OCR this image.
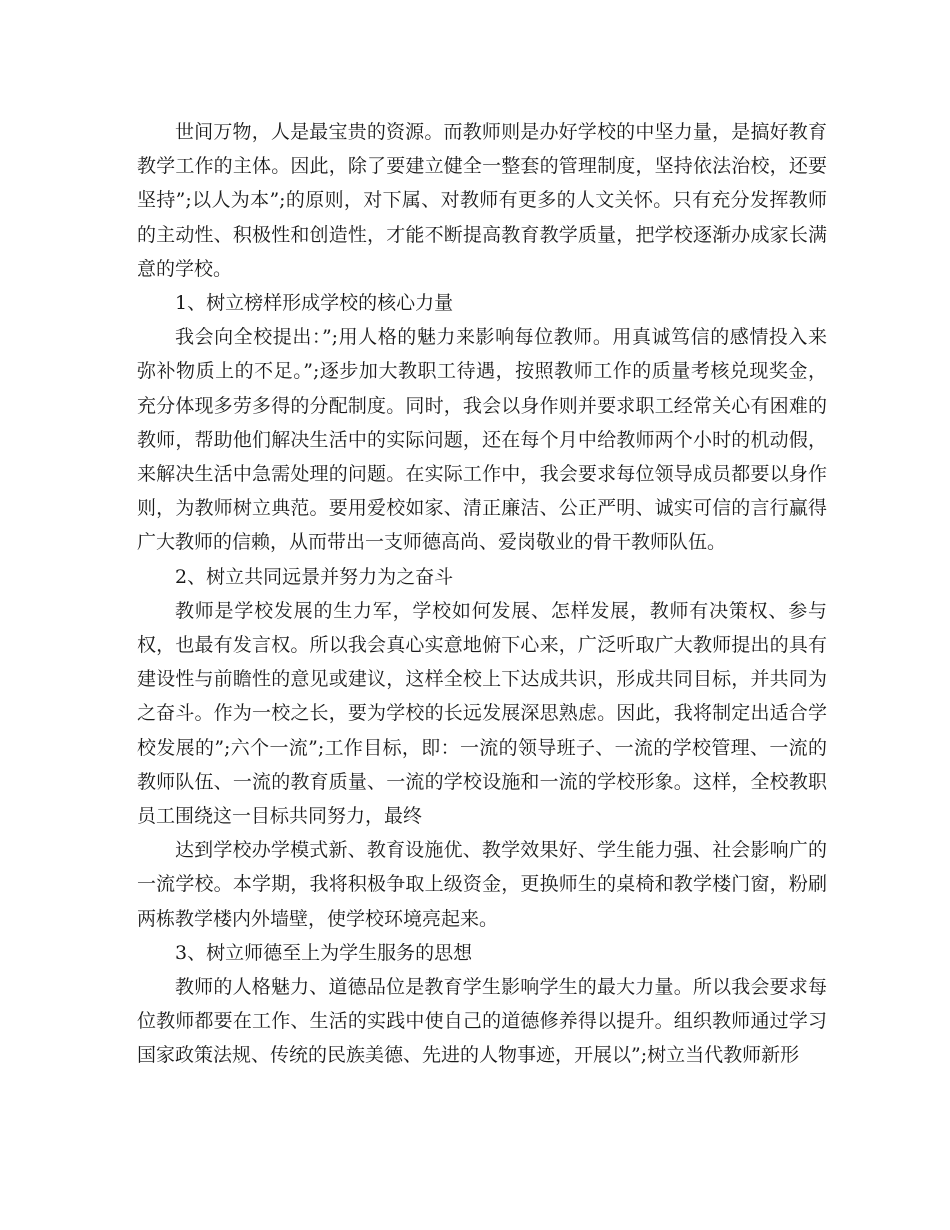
世间万物，人是最宝贵的资源。而教师则是办好学校的中坚力量，是搞好教育教学工作的主体。因此，除了要建立健全一整套的管理制度，坚持依法治校，还要坚持”;以人为本”;的原则，对下属、对教师有更多的人文关怀。只有充分发挥教师的主动性、积极性和创造性，才能不断提高教育教学质量，把学校逐渐办成家长满意的学校。

1、树立榜样形成学校的核心力量

我会向全校提出：”;用人格的魅力来影响每位教师。用真诚笃信的感情投入来弥补物质上的不足。”;逐步加大教职工待遇，按照教师工作的质量考核兑现奖金，充分体现多劳多得的分配制度。同时，我会以身作则并要求职工经常关心有困难的教师，帮助他们解决生活中的实际问题，还在每个月中给教师两个小时的机动假，来解决生活中急需处理的问题。在实际工作中，我会要求每位领导成员都要以身作则，为教师树立典范。要用爱校如家、清正廉洁、公正严明、诚实可信的言行赢得广大教师的信赖，从而带出一支师德高尚、爱岗敬业的骨干教师队伍。

2、树立共同远景并努力为之奋斗

教师是学校发展的生力军，学校如何发展、怎样发展，教师有决策权、参与权，也最有发言权。所以我会真心实意地俯下心来，广泛听取广大教师提出的具有建设性与前瞻性的意见或建议，这样全校上下达成共识，形成共同目标，并共同为之奋斗。作为一校之长，要为学校的长远发展深思熟虑。因此，我将制定出适合学校发展的”;六个一流”;工作目标，即：一流的领导班子、一流的学校管理、一流的教师队伍、一流的教育质量、一流的学校设施和一流的学校形象。这样，全校教职员工围绕这一目标共同努力，最终

达到学校办学模式新、教育设施优、教学效果好、学生能力强、社会影响广的一流学校。本学期，我将积极争取上级资金，更换师生的桌椅和教学楼门窗，粉刷两栋教学楼内外墙壁，使学校环境亮起来。

3、树立师德至上为学生服务的思想

教师的人格魅力、道德品位是教育学生影响学生的最大力量。所以我会要求每位教师都要在工作、生活的实践中使自己的道德修养得以提升。组织教师通过学习国家政策法规、传统的民族美德、先进的人物事迹，开展以”;树立当代教师新形
